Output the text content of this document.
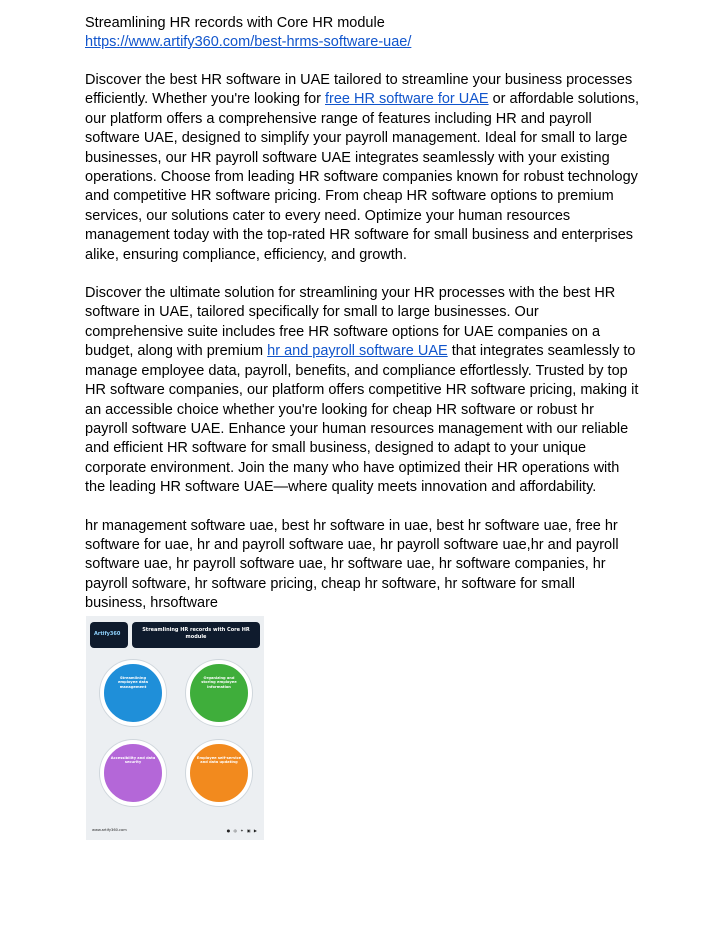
Streamlining HR records with Core HR module

https://www.artify360.com/best-hrms-software-uae/

Discover the best HR software in UAE tailored to streamline your business processes efficiently. Whether you're looking for free HR software for UAE or affordable solutions, our platform offers a comprehensive range of features including HR and payroll software UAE, designed to simplify your payroll management. Ideal for small to large businesses, our HR payroll software UAE integrates seamlessly with your existing operations. Choose from leading HR software companies known for robust technology and competitive HR software pricing. From cheap HR software options to premium services, our solutions cater to every need. Optimize your human resources management today with the top-rated HR software for small business and enterprises alike, ensuring compliance, efficiency, and growth.

Discover the ultimate solution for streamlining your HR processes with the best HR software in UAE, tailored specifically for small to large businesses. Our comprehensive suite includes free HR software options for UAE companies on a budget, along with premium hr and payroll software UAE that integrates seamlessly to manage employee data, payroll, benefits, and compliance effortlessly. Trusted by top HR software companies, our platform offers competitive HR software pricing, making it an accessible choice whether you're looking for cheap HR software or robust hr payroll software UAE. Enhance your human resources management with our reliable and efficient HR software for small business, designed to adapt to your unique corporate environment. Join the many who have optimized their HR operations with the leading HR software UAE—where quality meets innovation and affordability.

hr management software uae, best hr software in uae, best hr software uae, free hr software for uae, hr and payroll software uae, hr payroll software uae,hr and payroll software uae, hr payroll software uae, hr software uae, hr software companies, hr payroll software, hr software pricing, cheap hr software, hr software for small business, hrsoftware

Artify360
Streamlining HR records with Core HR module
Streamlining employee data management
Organizing and storing employee information
Accessibility and data security
Employee self-service and data updating
www.artify360.com	● ◎ ✦ ▣ ▶
